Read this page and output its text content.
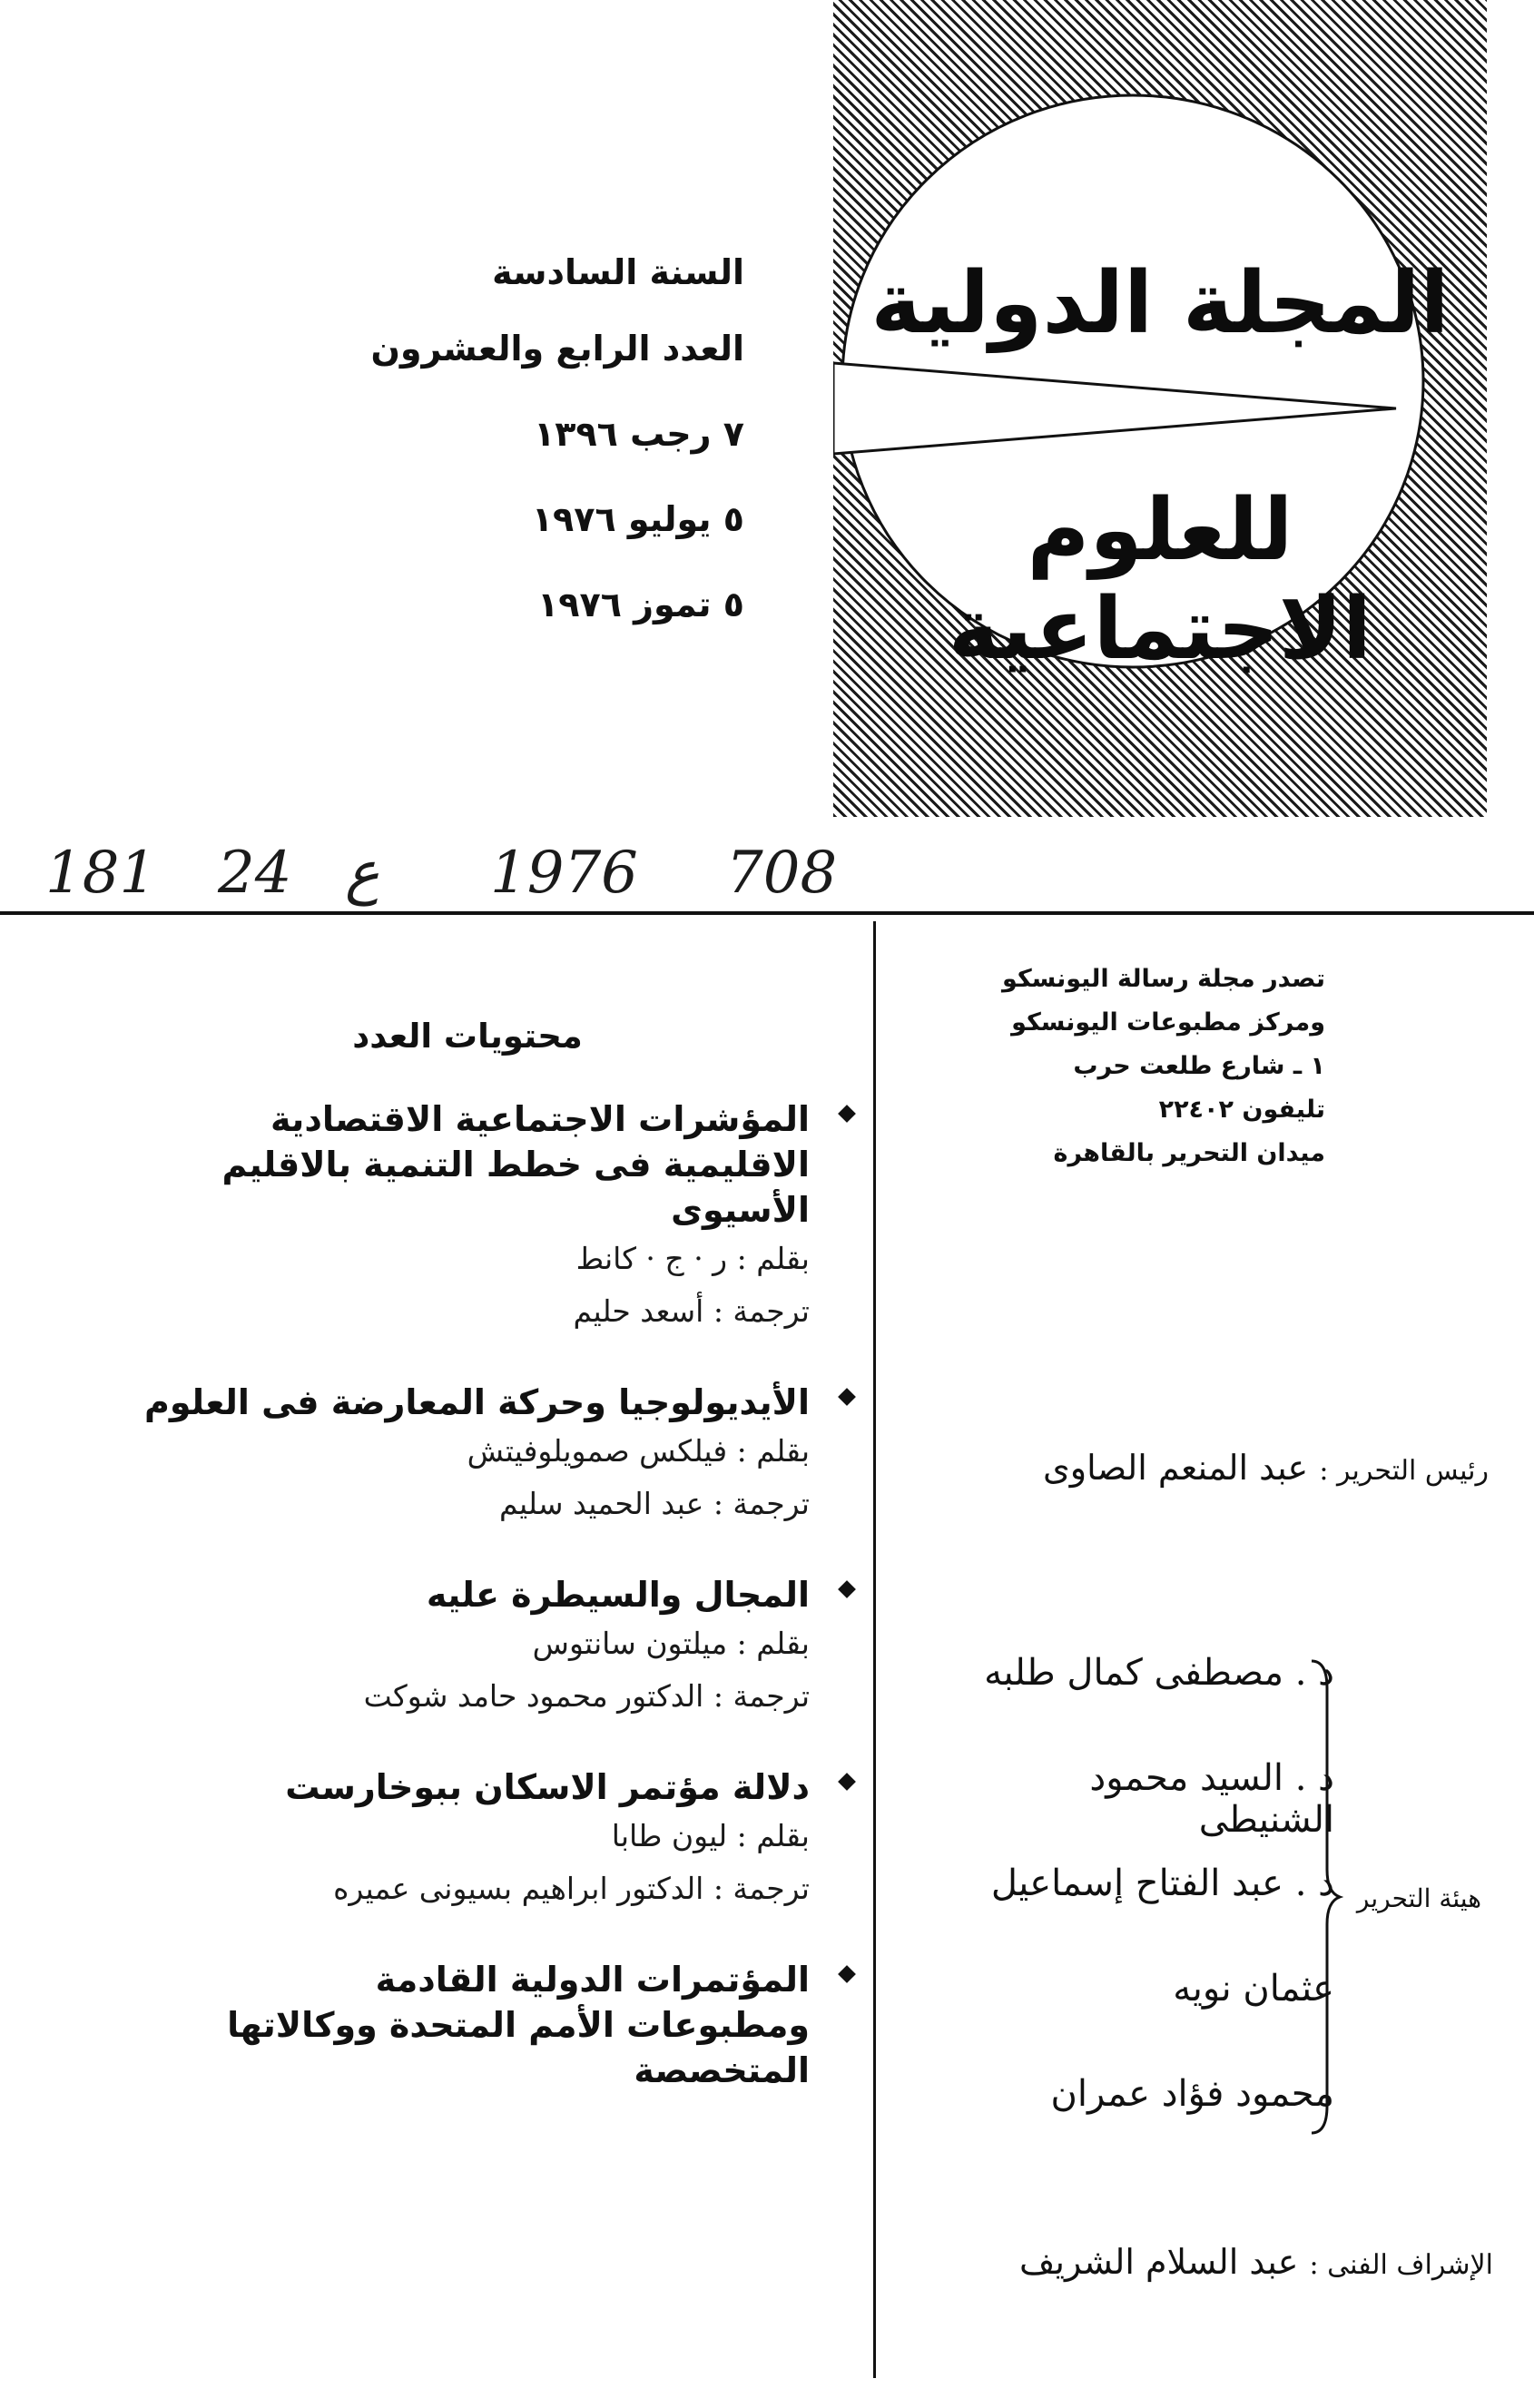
السنة السادسة
العدد الرابع والعشرون
٧ رجب ١٣٩٦
٥ يوليو ١٩٧٦
٥ تموز ١٩٧٦
المجلة الدولية
للعلوم الاجتماعية
181 24 ع 1976 708
محتويات العدد
المؤشرات الاجتماعية الاقتصادية الاقليمية فى خطط التنمية بالاقليم الأسيوى
بقلم : ر · ج · كانط
ترجمة : أسعد حليم
الأيديولوجيا وحركة المعارضة فى العلوم
بقلم : فيلكس صمويلوفيتش
ترجمة : عبد الحميد سليم
المجال والسيطرة عليه
بقلم : ميلتون سانتوس
ترجمة : الدكتور محمود حامد شوكت
دلالة مؤتمر الاسكان ببوخارست
بقلم : ليون طابا
ترجمة : الدكتور ابراهيم بسيونى عميره
المؤتمرات الدولية القادمة
ومطبوعات الأمم المتحدة ووكالاتها المتخصصة
تصدر مجلة رسالة اليونسكو
ومركز مطبوعات اليونسكو
١ ـ شارع طلعت حرب
تليفون ٢٢٤٠٢
ميدان التحرير بالقاهرة
رئيس التحرير : عبد المنعم الصاوى
د . مصطفى كمال طلبه
د . السيد محمود الشنيطى
د . عبد الفتاح إسماعيل
عثمان نويه
محمود فؤاد عمران
هيئة التحرير
الإشراف الفنى : عبد السلام الشريف
